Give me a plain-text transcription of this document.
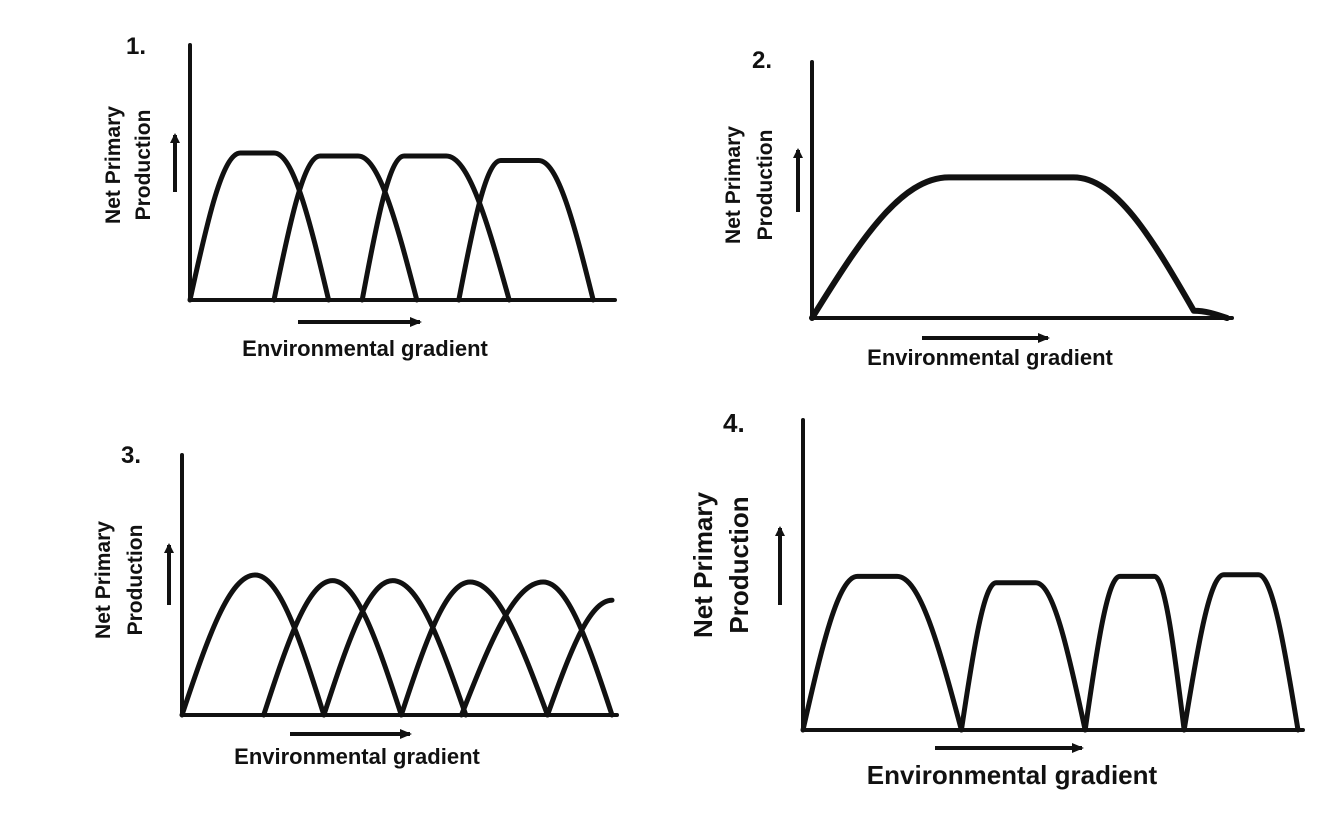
1.
Net Primary Production
Environmental gradient
2.
Net Primary Production
Environmental gradient
3.
Net Primary Production
Environmental gradient
4.
Net Primary Production
Environmental gradient
